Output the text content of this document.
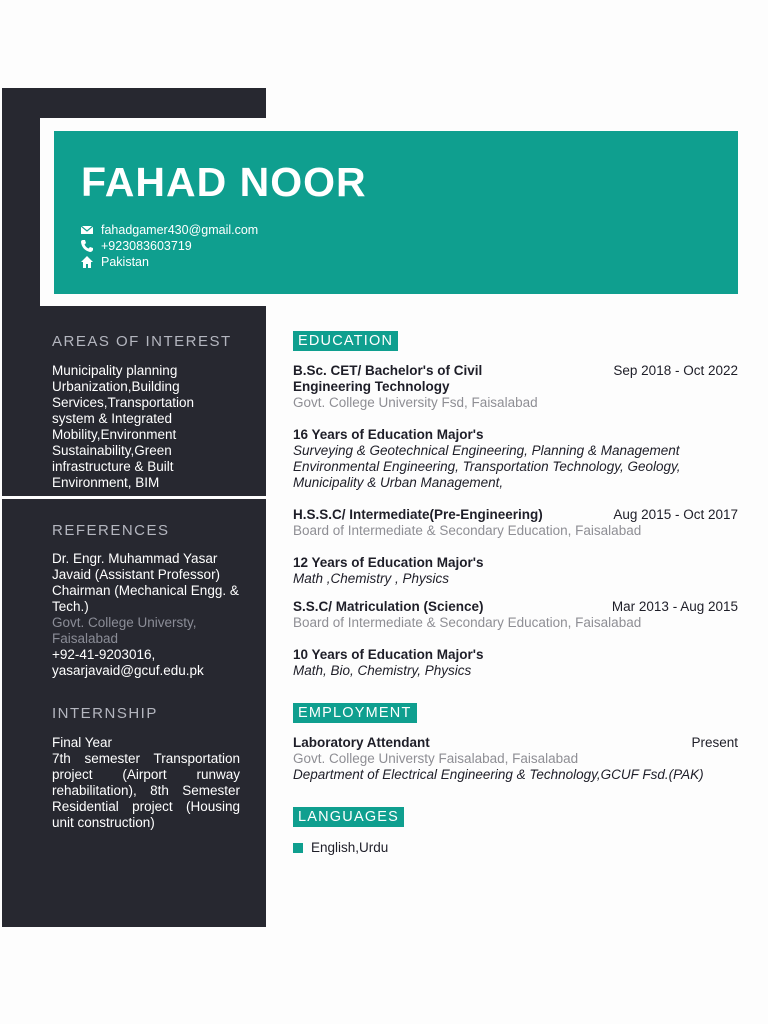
FAHAD NOOR
fahadgamer430@gmail.com
+923083603719
Pakistan
AREAS OF INTEREST
Municipality planning Urbanization,Building Services,Transportation system & Integrated Mobility,Environment Sustainability,Green infrastructure & Built Environment, BIM
REFERENCES
Dr. Engr. Muhammad Yasar Javaid (Assistant Professor) Chairman (Mechanical Engg. & Tech.)
Govt. College Universty, Faisalabad
+92-41-9203016,
yasarjavaid@gcuf.edu.pk
INTERNSHIP
Final Year
7th semester Transportation project (Airport runway rehabilitation), 8th Semester Residential project (Housing unit construction)
EDUCATION
B.Sc. CET/ Bachelor's of Civil Engineering Technology
Sep 2018 - Oct 2022
Govt. College University Fsd, Faisalabad
16 Years of Education Major's
Surveying & Geotechnical Engineering, Planning & Management Environmental Engineering, Transportation Technology, Geology, Municipality & Urban Management,
H.S.S.C/ Intermediate(Pre-Engineering)	Aug 2015 - Oct 2017
Board of Intermediate & Secondary Education, Faisalabad
12 Years of Education Major's
Math ,Chemistry , Physics
S.S.C/ Matriculation (Science)	Mar 2013 - Aug 2015
Board of Intermediate & Secondary Education, Faisalabad
10 Years of Education Major's
Math, Bio, Chemistry, Physics
EMPLOYMENT
Laboratory Attendant	Present
Govt. College Universty Faisalabad, Faisalabad
Department of Electrical Engineering & Technology,GCUF Fsd.(PAK)
LANGUAGES
English,Urdu
